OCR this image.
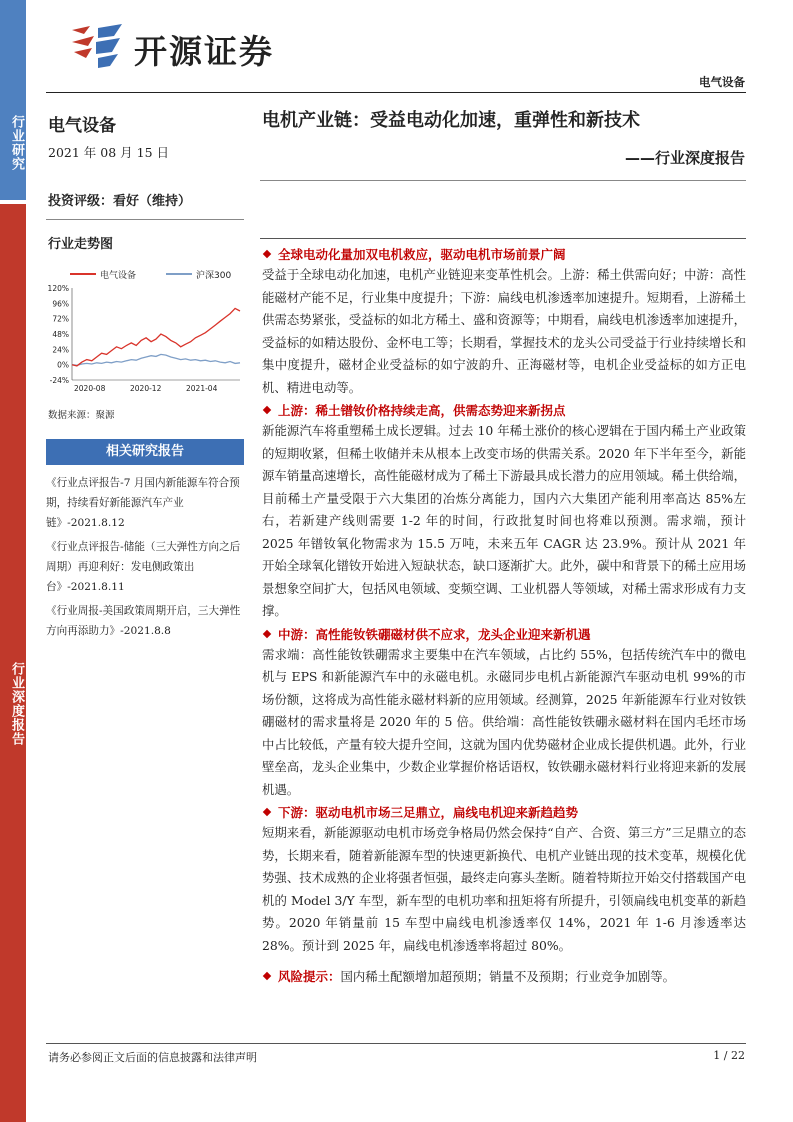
行业研究
行业深度报告
开源证券
电气设备
电气设备
2021 年 08 月 15 日
投资评级：看好（维持）
行业走势图
电气设备	沪深300
120%
96%
72%
48%
24%
0%
-24%
2020-08	2020-12	2021-04
数据来源：聚源
相关研究报告

《行业点评报告-7 月国内新能源车符合预期，持续看好新能源汽车产业链》-2021.8.12

《行业点评报告-储能（三大弹性方向之后周期）再迎利好：发电侧政策出台》-2021.8.11

《行业周报-美国政策周期开启，三大弹性方向再添助力》-2021.8.8

电机产业链：受益电动化加速，重弹性和新技术
——行业深度报告
全球电动化量加双电机救应，驱动电机市场前景广阔
受益于全球电动化加速，电机产业链迎来变革性机会。上游：稀土供需向好；中游：高性能磁材产能不足，行业集中度提升；下游：扁线电机渗透率加速提升。短期看，上游稀土供需态势紧张，受益标的如北方稀土、盛和资源等；中期看，扁线电机渗透率加速提升，受益标的如精达股份、金杯电工等；长期看，掌握技术的龙头公司受益于行业持续增长和集中度提升，磁材企业受益标的如宁波韵升、正海磁材等，电机企业受益标的如方正电机、精进电动等。
上游：稀土镨钕价格持续走高，供需态势迎来新拐点
新能源汽车将重塑稀土成长逻辑。过去 10 年稀土涨价的核心逻辑在于国内稀土产业政策的短期收紧，但稀土收储并未从根本上改变市场的供需关系。2020 年下半年至今，新能源车销量高速增长，高性能磁材成为了稀土下游最具成长潜力的应用领域。稀土供给端，目前稀土产量受限于六大集团的冶炼分离能力，国内六大集团产能利用率高达 85%左右，若新建产线则需要 1-2 年的时间，行政批复时间也将难以预测。需求端，预计 2025 年镨钕氧化物需求为 15.5 万吨，未来五年 CAGR 达 23.9%。预计从 2021 年开始全球氧化镨钕开始进入短缺状态，缺口逐渐扩大。此外，碳中和背景下的稀土应用场景想象空间扩大，包括风电领域、变频空调、工业机器人等领域，对稀土需求形成有力支撑。
中游：高性能钕铁硼磁材供不应求，龙头企业迎来新机遇
需求端：高性能钕铁硼需求主要集中在汽车领域，占比约 55%，包括传统汽车中的微电机与 EPS 和新能源汽车中的永磁电机。永磁同步电机占新能源汽车驱动电机 99%的市场份额，这将成为高性能永磁材料新的应用领域。经测算，2025 年新能源车行业对钕铁硼磁材的需求量将是 2020 年的 5 倍。供给端：高性能钕铁硼永磁材料在国内毛坯市场中占比较低，产量有较大提升空间，这就为国内优势磁材企业成长提供机遇。此外，行业壁垒高，龙头企业集中，少数企业掌握价格话语权，钕铁硼永磁材料行业将迎来新的发展机遇。
下游：驱动电机市场三足鼎立，扁线电机迎来新趋趋势
短期来看，新能源驱动电机市场竞争格局仍然会保持“自产、合资、第三方”三足鼎立的态势，长期来看，随着新能源车型的快速更新换代、电机产业链出现的技术变革，规模化优势强、技术成熟的企业将强者恒强，最终走向寡头垄断。随着特斯拉开始交付搭载国产电机的 Model 3/Y 车型，新车型的电机功率和扭矩将有所提升，引领扁线电机变革的新趋势。2020 年销量前 15 车型中扁线电机渗透率仅 14%，2021 年 1-6 月渗透率达 28%。预计到 2025 年，扁线电机渗透率将超过 80%。
风险提示：国内稀土配额增加超预期；销量不及预期；行业竞争加剧等。
请务必参阅正文后面的信息披露和法律声明	1 / 22
